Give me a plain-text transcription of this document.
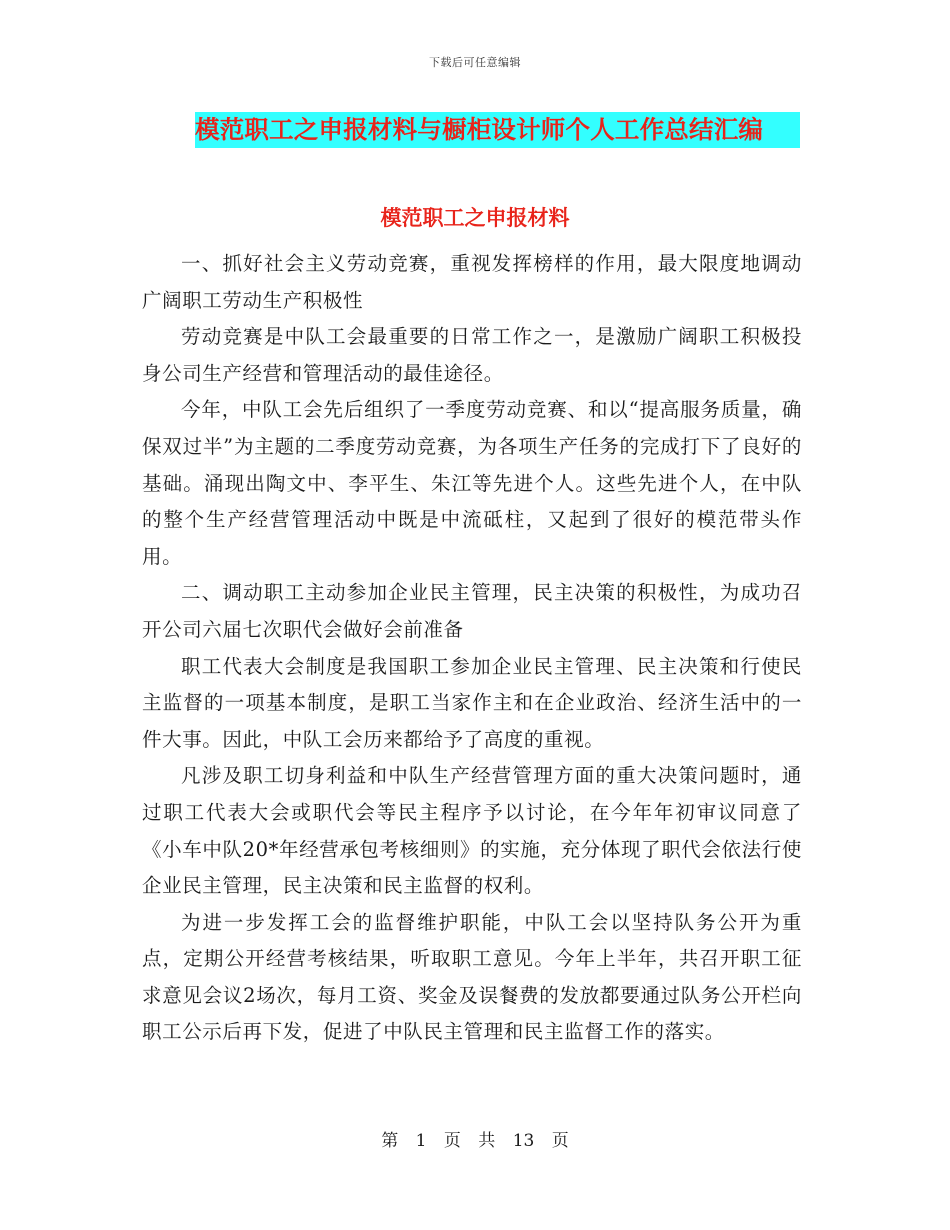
下载后可任意编辑
模范职工之申报材料与橱柜设计师个人工作总结汇编
模范职工之申报材料

一、抓好社会主义劳动竞赛，重视发挥榜样的作用，最大限度地调动广阔职工劳动生产积极性

劳动竞赛是中队工会最重要的日常工作之一，是激励广阔职工积极投身公司生产经营和管理活动的最佳途径。

今年，中队工会先后组织了一季度劳动竞赛、和以“提高服务质量，确保双过半”为主题的二季度劳动竞赛，为各项生产任务的完成打下了良好的基础。涌现出陶文中、李平生、朱江等先进个人。这些先进个人，在中队的整个生产经营管理活动中既是中流砥柱，又起到了很好的模范带头作用。

二、调动职工主动参加企业民主管理，民主决策的积极性，为成功召开公司六届七次职代会做好会前准备

职工代表大会制度是我国职工参加企业民主管理、民主决策和行使民主监督的一项基本制度，是职工当家作主和在企业政治、经济生活中的一件大事。因此，中队工会历来都给予了高度的重视。

凡涉及职工切身利益和中队生产经营管理方面的重大决策问题时，通过职工代表大会或职代会等民主程序予以讨论，在今年年初审议同意了《小车中队20*年经营承包考核细则》的实施，充分体现了职代会依法行使企业民主管理，民主决策和民主监督的权利。

为进一步发挥工会的监督维护职能，中队工会以坚持队务公开为重点，定期公开经营考核结果，听取职工意见。今年上半年，共召开职工征求意见会议2场次，每月工资、奖金及误餐费的发放都要通过队务公开栏向职工公示后再下发，促进了中队民主管理和民主监督工作的落实。

第 1 页 共 13 页
